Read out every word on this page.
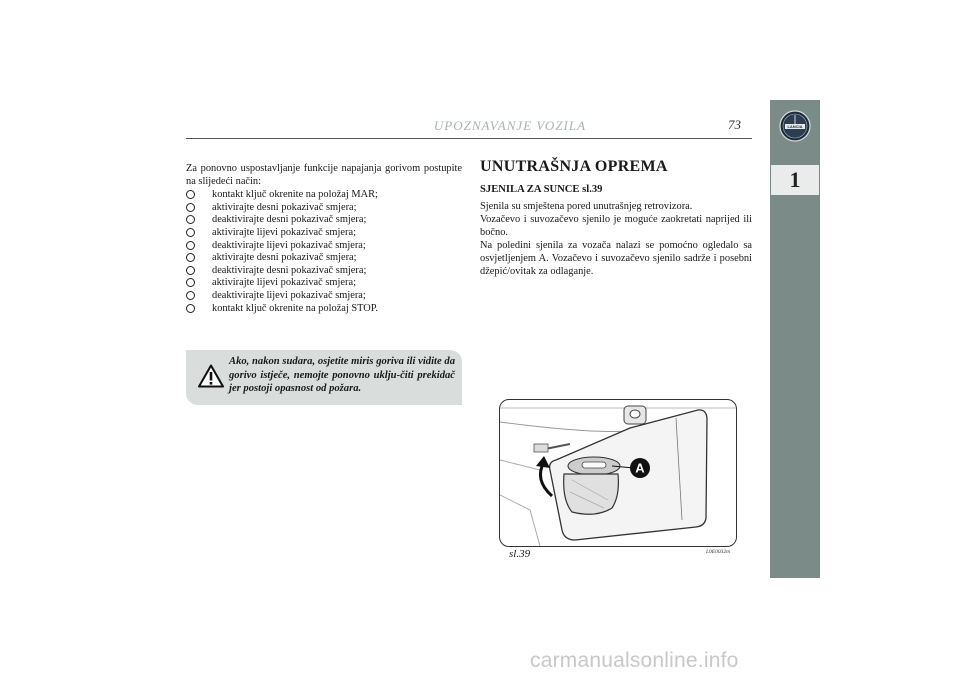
UPOZNAVANJE VOZILA	73	LANCIA
1

Za ponovno uspostavljanje funkcije napajanja gorivom postupite na slijedeći način:

kontakt ključ okrenite na položaj MAR;
aktivirajte desni pokazivač smjera;
deaktivirajte desni pokazivač smjera;
aktivirajte lijevi pokazivač smjera;
deaktivirajte lijevi pokazivač smjera;
aktivirajte desni pokazivač smjera;
deaktivirajte desni pokazivač smjera;
aktivirajte lijevi pokazivač smjera;
deaktivirajte lijevi pokazivač smjera;
kontakt ključ okrenite na položaj STOP.
Ako, nakon sudara, osjetite miris goriva ili vidite da gorivo istječe, nemojte ponovno uklju-čiti prekidač jer postoji opasnost od požara.
UNUTRAŠNJA OPREMA
SJENILA ZA SUNCE sl.39

Sjenila su smještena pored unutrašnjeg retrovizora.

Vozačevo i suvozačevo sjenilo je moguće zaokretati naprijed ili bočno.

Na poledini sjenila za vozača nalazi se pomoćno ogledalo sa osvjetljenjem A. Vozačevo i suvozačevo sjenilo sadrže i posebni džepić/ovitak za odlaganje.

A
sl.39	L0E0032m
carmanualsonline.info
